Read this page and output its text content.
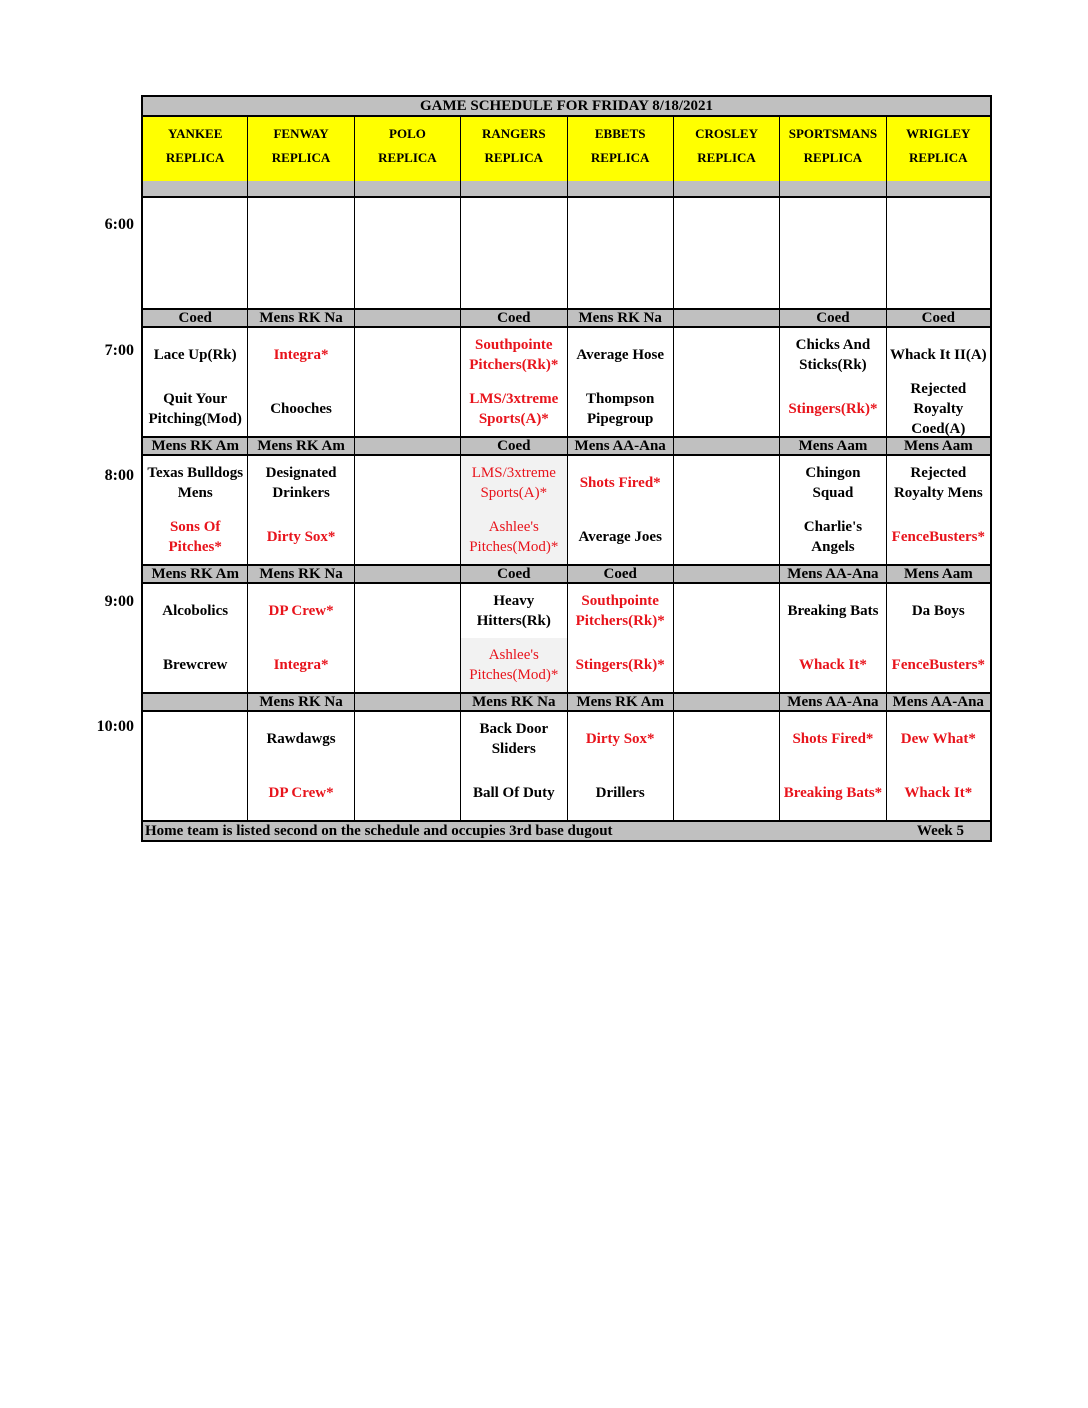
GAME SCHEDULE FOR FRIDAY 8/18/2021
YANKEE
REPLICA
Coed
Lace Up(Rk)
Quit Your Pitching(Mod)
Mens RK Am
Texas Bulldogs Mens
Sons Of Pitches*
Mens RK Am
Alcobolics
Brewcrew
FENWAY
REPLICA
Mens RK Na
Integra*
Chooches
Mens RK Am
Designated Drinkers
Dirty Sox*
Mens RK Na
DP Crew*
Integra*
Mens RK Na
Rawdawgs
DP Crew*
POLO
REPLICA
RANGERS
REPLICA
Coed
Southpointe Pitchers(Rk)*
LMS/3xtreme Sports(A)*
Coed
LMS/3xtreme Sports(A)*
Ashlee's Pitches(Mod)*
Coed
Heavy Hitters(Rk)
Ashlee's Pitches(Mod)*
Mens RK Na
Back Door Sliders
Ball Of Duty
EBBETS
REPLICA
Mens RK Na
Average Hose
Thompson Pipegroup
Mens AA-Ana
Shots Fired*
Average Joes
Coed
Southpointe Pitchers(Rk)*
Stingers(Rk)*
Mens RK Am
Dirty Sox*
Drillers
CROSLEY
REPLICA
SPORTSMANS
REPLICA
Coed
Chicks And Sticks(Rk)
Stingers(Rk)*
Mens Aam
Chingon Squad
Charlie's Angels
Mens AA-Ana
Breaking Bats
Whack It*
Mens AA-Ana
Shots Fired*
Breaking Bats*
WRIGLEY
REPLICA
Coed
Whack It II(A)
Rejected Royalty Coed(A)
Mens Aam
Rejected Royalty Mens
FenceBusters*
Mens Aam
Da Boys
FenceBusters*
Mens AA-Ana
Dew What*
Whack It*
Home team is listed second on the schedule and occupies 3rd base dugout	Week 5
6:00
7:00
8:00
9:00
10:00
